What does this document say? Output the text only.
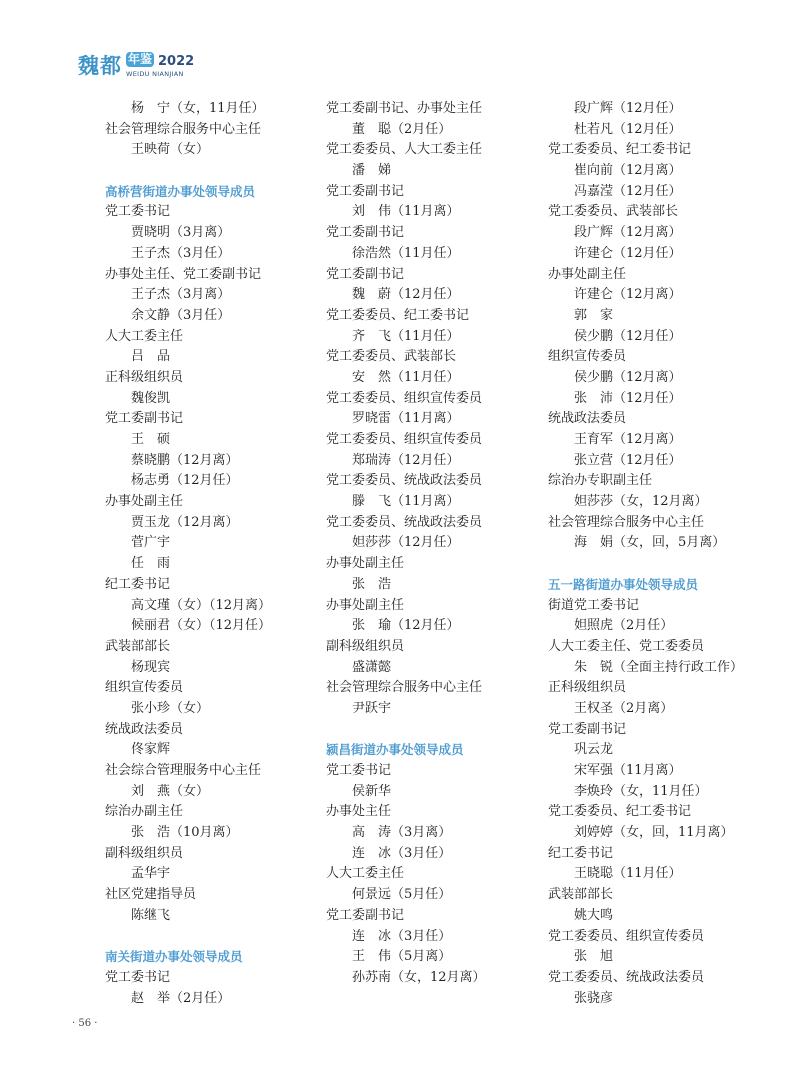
魏都 年鉴 2022
WEIDU NIANJIAN
杨　宁（女，11月任）
社会管理综合服务中心主任
王映荷（女）
高桥营街道办事处领导成员
党工委书记
贾晓明（3月离）
王子杰（3月任）
办事处主任、党工委副书记
王子杰（3月离）
余文静（3月任）
人大工委主任
吕　品
正科级组织员
魏俊凯
党工委副书记
王　硕
蔡晓鹏（12月离）
杨志勇（12月任）
办事处副主任
贾玉龙（12月离）
菅广宇
任　雨
纪工委书记
高文瑾（女）（12月离）
候丽君（女）（12月任）
武装部部长
杨现宾
组织宣传委员
张小珍（女）
统战政法委员
佟家辉
社会综合管理服务中心主任
刘　燕（女）
综治办副主任
张　浩（10月离）
副科级组织员
孟华宇
社区党建指导员
陈继飞
南关街道办事处领导成员
党工委书记
赵　举（2月任）
党工委副书记、办事处主任
董　聪（2月任）
党工委委员、人大工委主任
潘　娣
党工委副书记
刘　伟（11月离）
党工委副书记
徐浩然（11月任）
党工委副书记
魏　蔚（12月任）
党工委委员、纪工委书记
齐　飞（11月任）
党工委委员、武装部长
安　然（11月任）
党工委委员、组织宣传委员
罗晓雷（11月离）
党工委委员、组织宣传委员
郑瑞涛（12月任）
党工委委员、统战政法委员
滕　飞（11月离）
党工委委员、统战政法委员
妲莎莎（12月任）
办事处副主任
张　浩
办事处副主任
张　瑜（12月任）
副科级组织员
盛潇懿
社会管理综合服务中心主任
尹跃宇
颍昌街道办事处领导成员
党工委书记
侯新华
办事处主任
高　涛（3月离）
连　冰（3月任）
人大工委主任
何景远（5月任）
党工委副书记
连　冰（3月任）
王　伟（5月离）
孙苏南（女，12月离）
段广辉（12月任）
杜若凡（12月任）
党工委委员、纪工委书记
崔向前（12月离）
冯嘉滢（12月任）
党工委委员、武装部长
段广辉（12月离）
许建仑（12月任）
办事处副主任
许建仑（12月离）
郭　家
侯少鹏（12月任）
组织宣传委员
侯少鹏（12月离）
张　沛（12月任）
统战政法委员
王育军（12月离）
张立营（12月任）
综治办专职副主任
妲莎莎（女，12月离）
社会管理综合服务中心主任
海　娟（女，回，5月离）
五一路街道办事处领导成员
街道党工委书记
妲照虎（2月任）
人大工委主任、党工委委员
朱　锐（全面主持行政工作）
正科级组织员
王权圣（2月离）
党工委副书记
巩云龙
宋军强（11月离）
李焕玲（女，11月任）
党工委委员、纪工委书记
刘婷婷（女，回，11月离）
纪工委书记
王晓聪（11月任）
武装部部长
姚大鸣
党工委委员、组织宣传委员
张　旭
党工委委员、统战政法委员
张骁彦
· 56 ·
